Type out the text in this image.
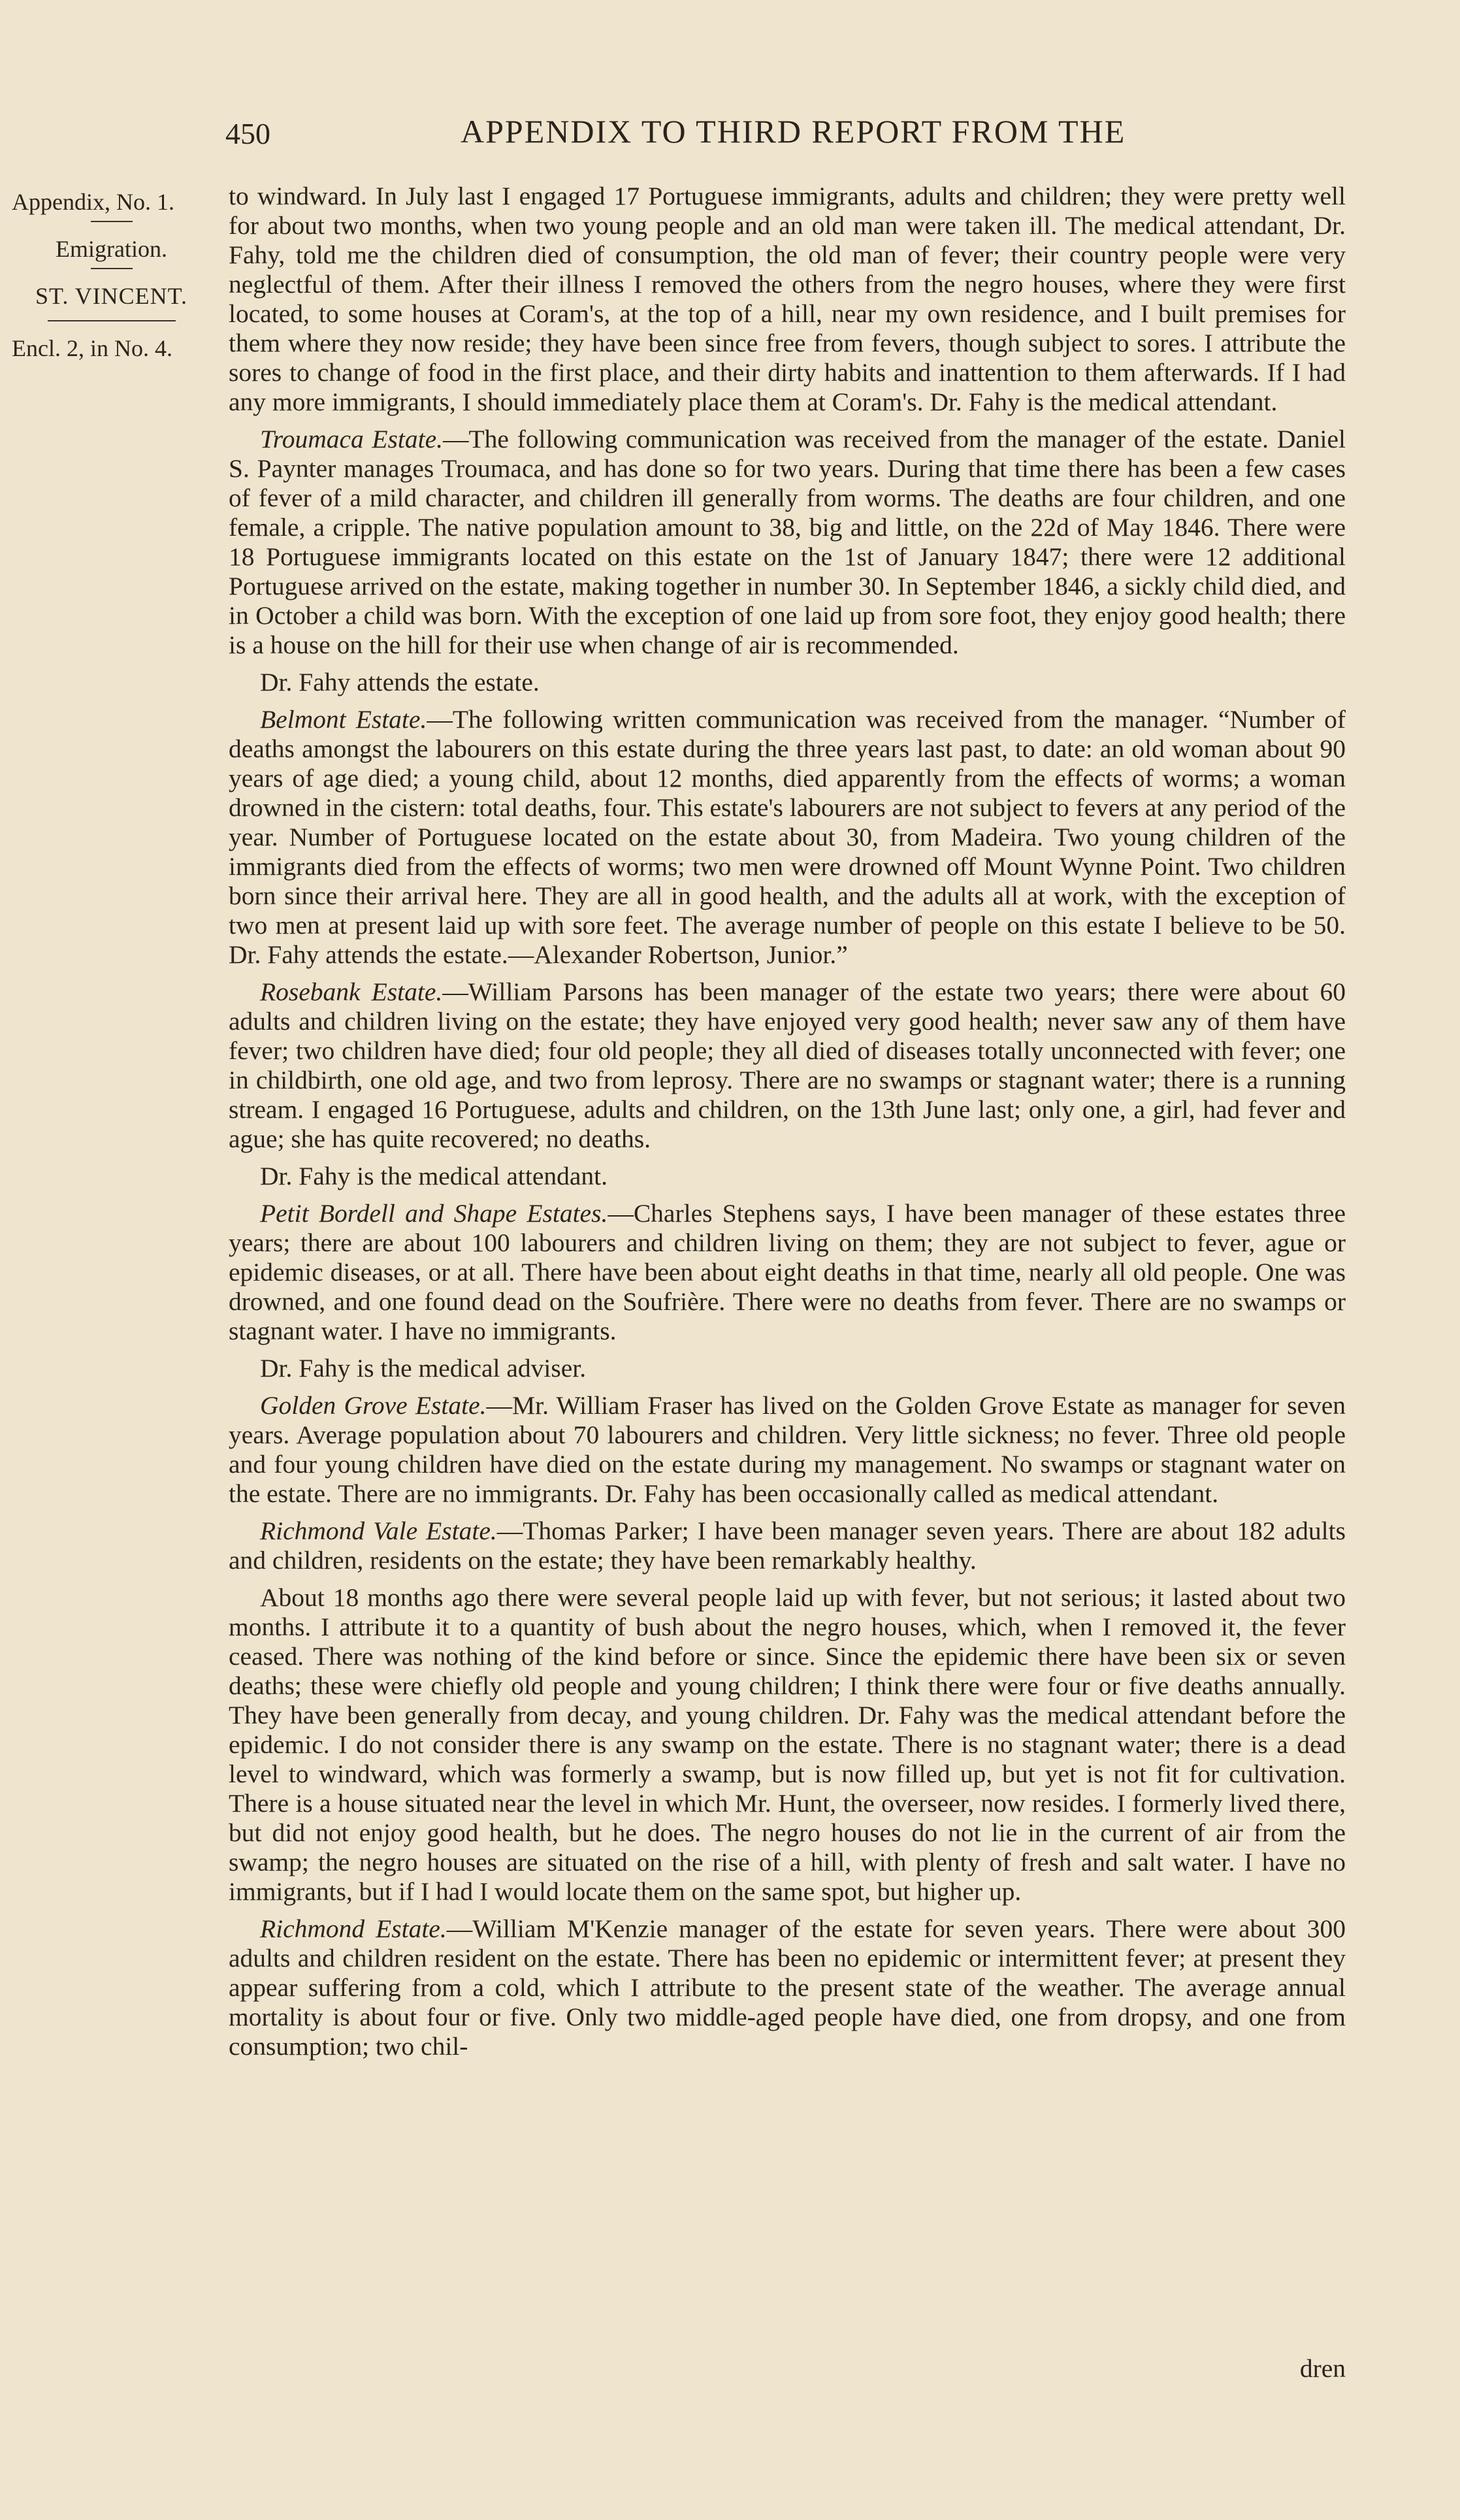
450	APPENDIX TO THIRD REPORT FROM THE
Appendix, No. 1.
Emigration.
ST. VINCENT.
Encl. 2, in No. 4.

to windward. In July last I engaged 17 Portuguese immigrants, adults and children; they were pretty well for about two months, when two young people and an old man were taken ill. The medical attendant, Dr. Fahy, told me the children died of consumption, the old man of fever; their country people were very neglectful of them. After their illness I removed the others from the negro houses, where they were first located, to some houses at Coram's, at the top of a hill, near my own residence, and I built premises for them where they now reside; they have been since free from fevers, though subject to sores. I attribute the sores to change of food in the first place, and their dirty habits and inattention to them afterwards. If I had any more immigrants, I should immediately place them at Coram's. Dr. Fahy is the medical attendant.

Troumaca Estate.—The following communication was received from the manager of the estate. Daniel S. Paynter manages Troumaca, and has done so for two years. During that time there has been a few cases of fever of a mild character, and children ill generally from worms. The deaths are four children, and one female, a cripple. The native population amount to 38, big and little, on the 22d of May 1846. There were 18 Portuguese immigrants located on this estate on the 1st of January 1847; there were 12 additional Portuguese arrived on the estate, making together in number 30. In September 1846, a sickly child died, and in October a child was born. With the exception of one laid up from sore foot, they enjoy good health; there is a house on the hill for their use when change of air is recommended.

Dr. Fahy attends the estate.

Belmont Estate.—The following written communication was received from the manager. “Number of deaths amongst the labourers on this estate during the three years last past, to date: an old woman about 90 years of age died; a young child, about 12 months, died apparently from the effects of worms; a woman drowned in the cistern: total deaths, four. This estate's labourers are not subject to fevers at any period of the year. Number of Portuguese located on the estate about 30, from Madeira. Two young children of the immigrants died from the effects of worms; two men were drowned off Mount Wynne Point. Two children born since their arrival here. They are all in good health, and the adults all at work, with the exception of two men at present laid up with sore feet. The average number of people on this estate I believe to be 50. Dr. Fahy attends the estate.—Alexander Robertson, Junior.”

Rosebank Estate.—William Parsons has been manager of the estate two years; there were about 60 adults and children living on the estate; they have enjoyed very good health; never saw any of them have fever; two children have died; four old people; they all died of diseases totally unconnected with fever; one in childbirth, one old age, and two from leprosy. There are no swamps or stagnant water; there is a running stream. I engaged 16 Portuguese, adults and children, on the 13th June last; only one, a girl, had fever and ague; she has quite recovered; no deaths.

Dr. Fahy is the medical attendant.

Petit Bordell and Shape Estates.—Charles Stephens says, I have been manager of these estates three years; there are about 100 labourers and children living on them; they are not subject to fever, ague or epidemic diseases, or at all. There have been about eight deaths in that time, nearly all old people. One was drowned, and one found dead on the Soufrière. There were no deaths from fever. There are no swamps or stagnant water. I have no immigrants.

Dr. Fahy is the medical adviser.

Golden Grove Estate.—Mr. William Fraser has lived on the Golden Grove Estate as manager for seven years. Average population about 70 labourers and children. Very little sickness; no fever. Three old people and four young children have died on the estate during my management. No swamps or stagnant water on the estate. There are no immigrants. Dr. Fahy has been occasionally called as medical attendant.

Richmond Vale Estate.—Thomas Parker; I have been manager seven years. There are about 182 adults and children, residents on the estate; they have been remarkably healthy.

About 18 months ago there were several people laid up with fever, but not serious; it lasted about two months. I attribute it to a quantity of bush about the negro houses, which, when I removed it, the fever ceased. There was nothing of the kind before or since. Since the epidemic there have been six or seven deaths; these were chiefly old people and young children; I think there were four or five deaths annually. They have been generally from decay, and young children. Dr. Fahy was the medical attendant before the epidemic. I do not consider there is any swamp on the estate. There is no stagnant water; there is a dead level to windward, which was formerly a swamp, but is now filled up, but yet is not fit for cultivation. There is a house situated near the level in which Mr. Hunt, the overseer, now resides. I formerly lived there, but did not enjoy good health, but he does. The negro houses do not lie in the current of air from the swamp; the negro houses are situated on the rise of a hill, with plenty of fresh and salt water. I have no immigrants, but if I had I would locate them on the same spot, but higher up.

Richmond Estate.—William M'Kenzie manager of the estate for seven years. There were about 300 adults and children resident on the estate. There has been no epidemic or intermittent fever; at present they appear suffering from a cold, which I attribute to the present state of the weather. The average annual mortality is about four or five. Only two middle-aged people have died, one from dropsy, and one from consumption; two chil-

dren
